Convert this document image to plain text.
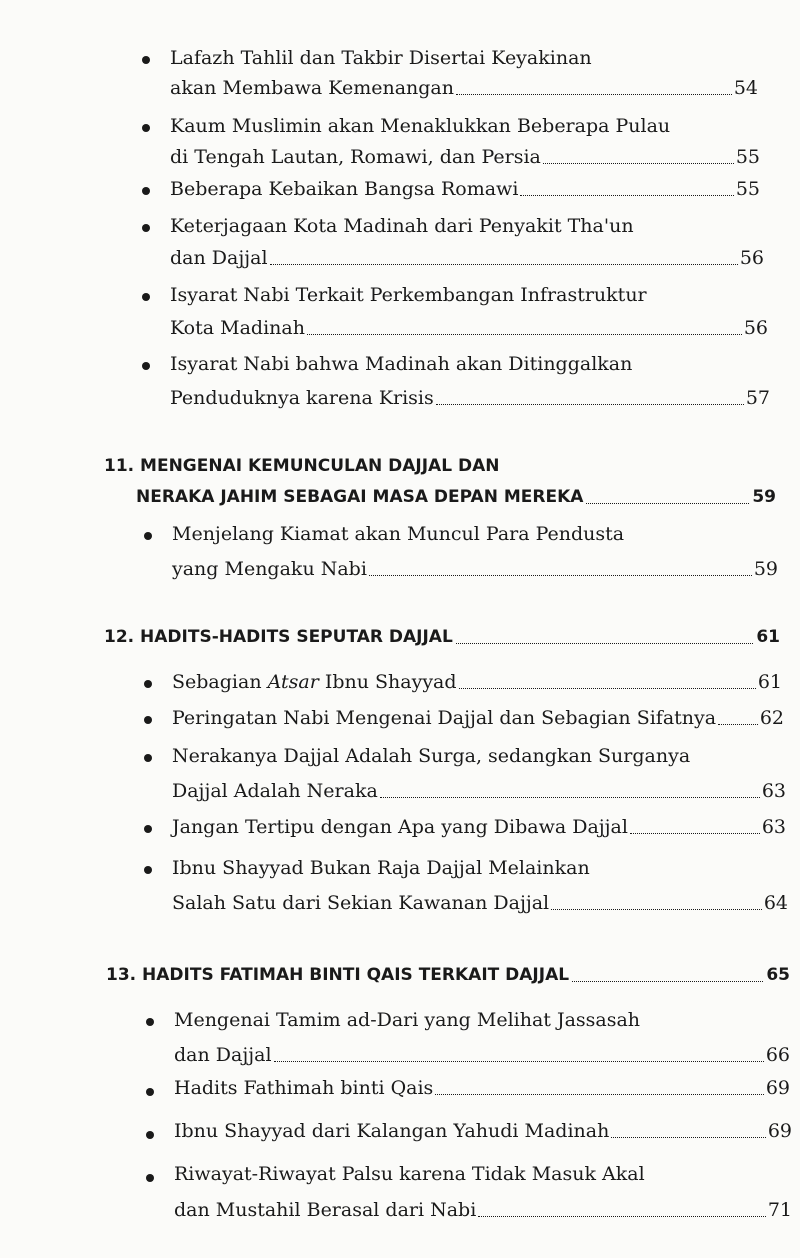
Lafazh Tahlil dan Takbir Disertai Keyakinan
akan Membawa Kemenangan	54
Kaum Muslimin akan Menaklukkan Beberapa Pulau
di Tengah Lautan, Romawi, dan Persia	55
Beberapa Kebaikan Bangsa Romawi	55
Keterjagaan Kota Madinah dari Penyakit Tha'un
dan Dajjal	56
Isyarat Nabi Terkait Perkembangan Infrastruktur
Kota Madinah	56
Isyarat Nabi bahwa Madinah akan Ditinggalkan
Penduduknya karena Krisis	57
11. MENGENAI KEMUNCULAN DAJJAL DAN
NERAKA JAHIM SEBAGAI MASA DEPAN MEREKA	59
Menjelang Kiamat akan Muncul Para Pendusta
yang Mengaku Nabi	59
12. HADITS-HADITS SEPUTAR DAJJAL	61
Sebagian Atsar Ibnu Shayyad	61
Peringatan Nabi Mengenai Dajjal dan Sebagian Sifatnya 62
Nerakanya Dajjal Adalah Surga, sedangkan Surganya
Dajjal Adalah Neraka	63
Jangan Tertipu dengan Apa yang Dibawa Dajjal	63
Ibnu Shayyad Bukan Raja Dajjal Melainkan
Salah Satu dari Sekian Kawanan Dajjal	64
13. HADITS FATIMAH BINTI QAIS TERKAIT DAJJAL	65
Mengenai Tamim ad-Dari yang Melihat Jassasah
dan Dajjal	66
Hadits Fathimah binti Qais	69
Ibnu Shayyad dari Kalangan Yahudi Madinah	69
Riwayat-Riwayat Palsu karena Tidak Masuk Akal
dan Mustahil Berasal dari Nabi	71
